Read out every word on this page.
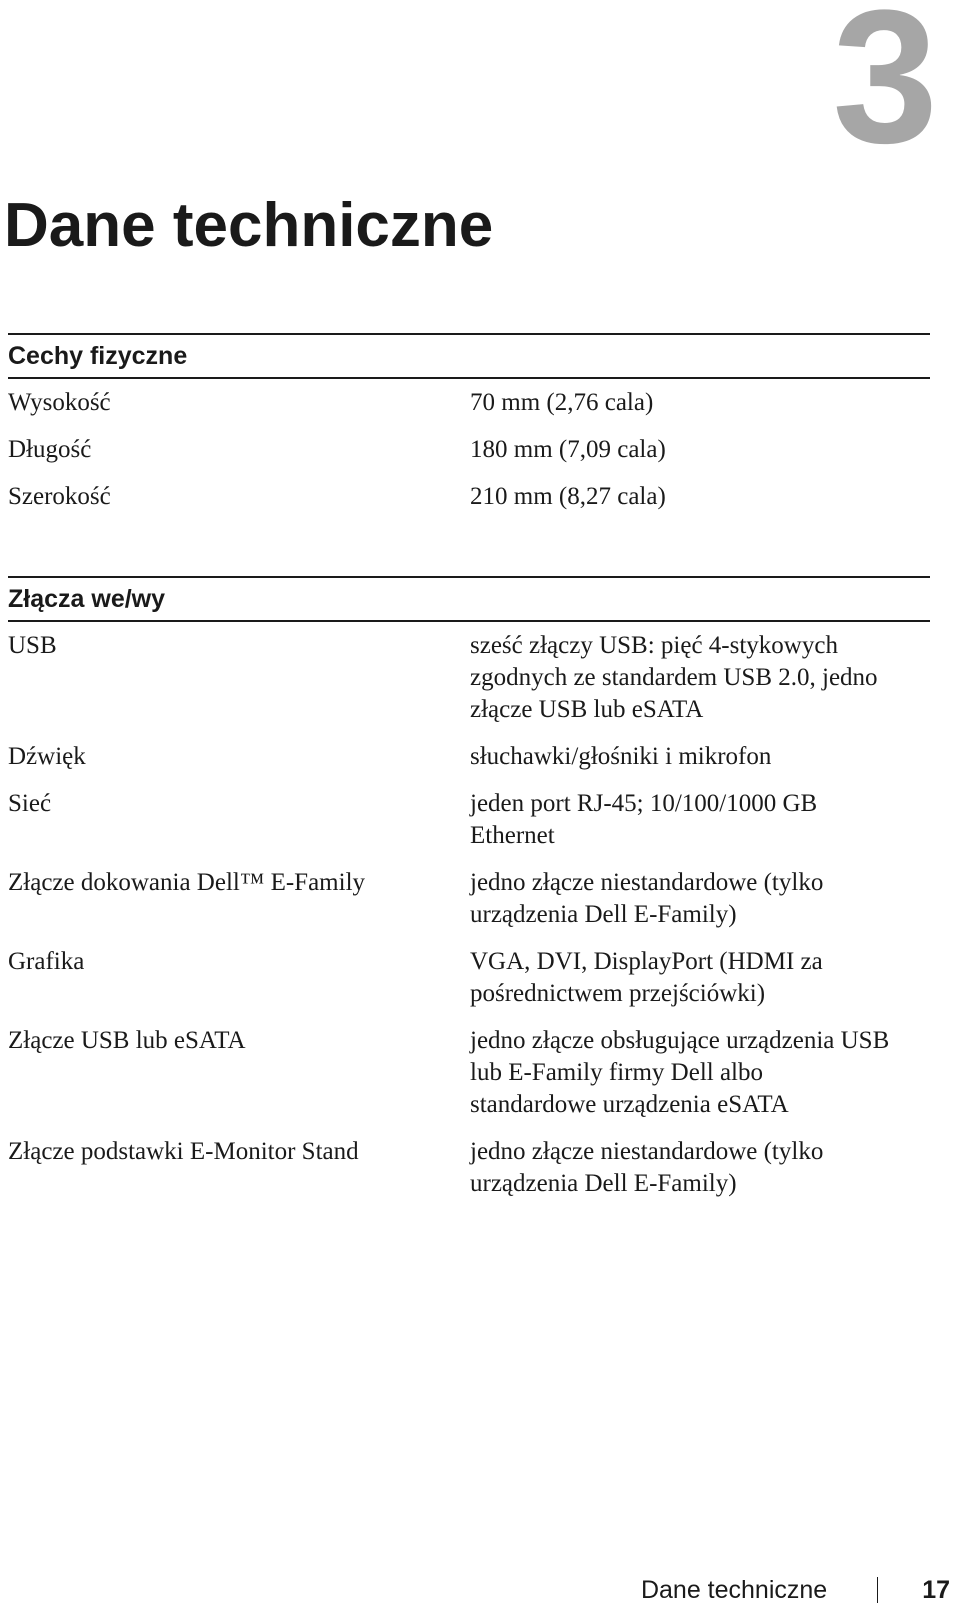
3
Dane techniczne
Cechy fizyczne
Wysokość	70 mm (2,76 cala)
Długość	180 mm (7,09 cala)
Szerokość	210 mm (8,27 cala)
Złącza we/wy
USB	sześć złączy USB: pięć 4-stykowych
zgodnych ze standardem USB 2.0, jedno
złącze USB lub eSATA
Dźwięk	słuchawki/głośniki i mikrofon
Sieć	jeden port RJ-45; 10/100/1000 GB
Ethernet
Złącze dokowania Dell™ E-Family	jedno złącze niestandardowe (tylko
urządzenia Dell E-Family)
Grafika	VGA, DVI, DisplayPort (HDMI za
pośrednictwem przejściówki)
Złącze USB lub eSATA	jedno złącze obsługujące urządzenia USB
lub E-Family firmy Dell albo
standardowe urządzenia eSATA
Złącze podstawki E-Monitor Stand	jedno złącze niestandardowe (tylko
urządzenia Dell E-Family)
Dane techniczne	17
